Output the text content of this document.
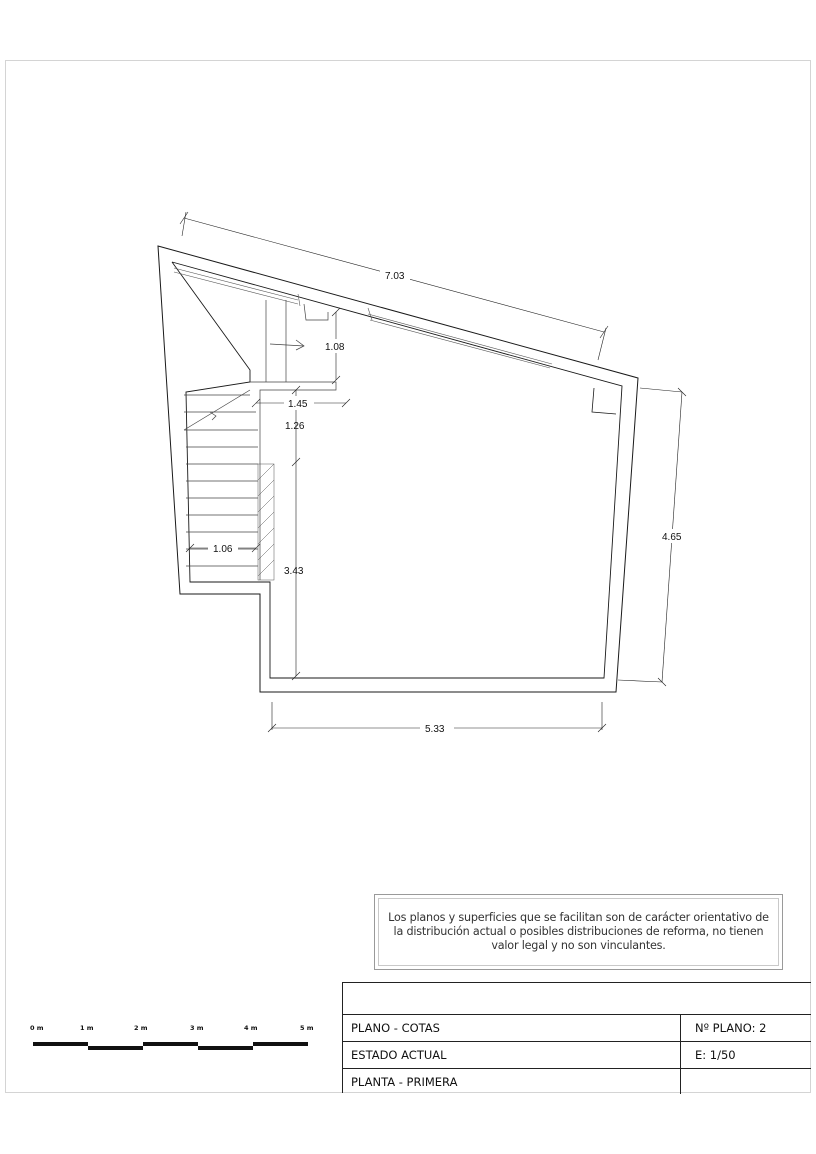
7.03
1.08
1.45
1.26
1.06
3.43
4.65
5.33
Los planos y superficies que se facilitan son de carácter orientativo de la distribución actual o posibles distribuciones de reforma, no tienen valor legal y no son vinculantes.
PLANO - COTAS	Nº PLANO: 2
ESTADO ACTUAL	E: 1/50
PLANTA - PRIMERA
0 m	1 m	2 m	3 m	4 m	5 m
